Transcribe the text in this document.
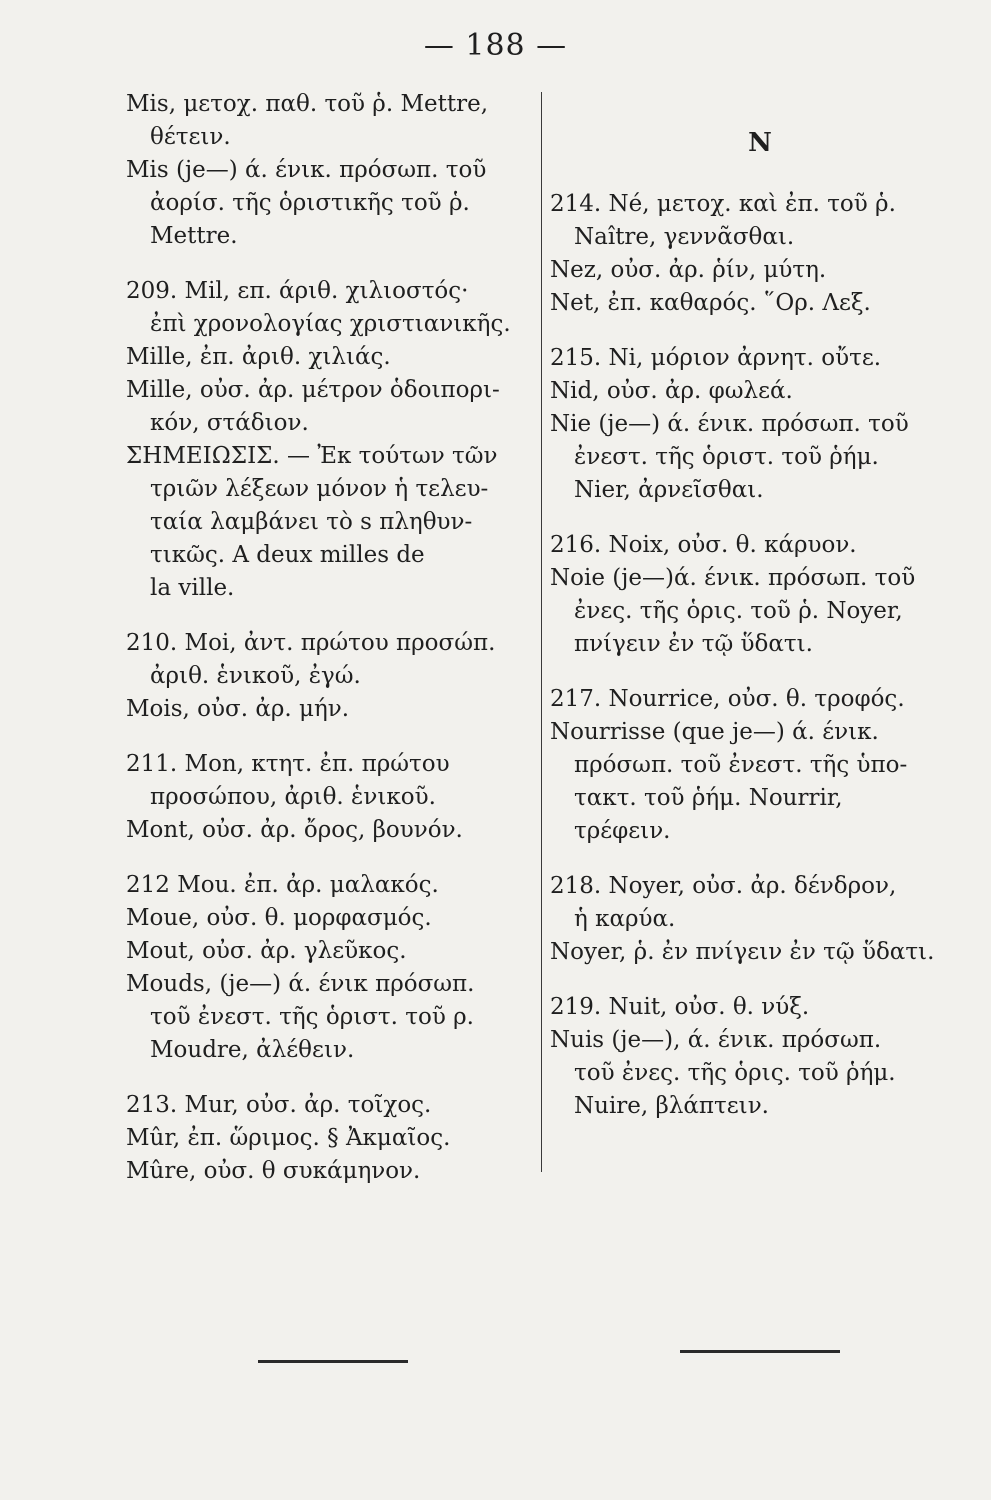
— 188 —
Mis, μετοχ. παθ. τοῦ ῥ. Mettre,
θέτειν.
Mis (je—) ά. ένικ. πρόσωπ. τοῦ
ἀορίσ. τῆς ὁριστικῆς τοῦ ῥ.
Mettre.
209. Mil, επ. άριθ. χιλιοστός·
ἐπὶ χρονολογίας χριστιανικῆς.
Mille, ἐπ. ἀριθ. χιλιάς.
Mille, οὐσ. ἀρ. μέτρον ὁδοιπορι-
κόν, στάδιον.
ΣΗΜΕΙΩΣΙΣ. — Ἐκ τούτων τῶν
τριῶν λέξεων μόνον ἡ τελευ-
ταία λαμβάνει τὸ s πληθυν-
τικῶς. A deux milles de
la ville.
210. Moi, ἀντ. πρώτου προσώπ.
ἀριθ. ἑνικοῦ, ἐγώ.
Mois, οὐσ. ἀρ. μήν.
211. Mon, κτητ. ἐπ. πρώτου
προσώπου, ἀριθ. ἑνικοῦ.
Mont, οὐσ. ἀρ. ὄρος, βουνόν.
212 Mou. ἐπ. ἀρ. μαλακός.
Moue, οὐσ. θ. μορφασμός.
Mout, οὐσ. ἀρ. γλεῦκος.
Mouds, (je—) ά. ένικ πρόσωπ.
τοῦ ἐνεστ. τῆς ὁριστ. τοῦ ρ.
Moudre, ἀλέθειν.
213. Mur, οὐσ. ἀρ. τοῖχος.
Mûr, ἐπ. ὥριμος. § Ἀκμαῖος.
Mûre, οὐσ. θ συκάμηνον.
N
214. Né, μετοχ. καὶ ἐπ. τοῦ ῥ.
Naître, γεννᾶσθαι.
Nez, οὐσ. ἀρ. ῥίν, μύτη.
Net, ἐπ. καθαρός. ῞Ορ. Λεξ.
215. Ni, μόριον ἀρνητ. οὔτε.
Nid, οὐσ. ἀρ. φωλεά.
Nie (je—) ά. ένικ. πρόσωπ. τοῦ
ἐνεστ. τῆς ὁριστ. τοῦ ῥήμ.
Nier, ἀρνεῖσθαι.
216. Noix, οὐσ. θ. κάρυον.
Noie (je—)ά. ένικ. πρόσωπ. τοῦ
ἐνες. τῆς ὁρις. τοῦ ῥ. Noyer,
πνίγειν ἐν τῷ ὕδατι.
217. Nourrice, οὐσ. θ. τροφός.
Nourrisse (que je—) ά. ένικ.
πρόσωπ. τοῦ ἐνεστ. τῆς ὑπο-
τακτ. τοῦ ῥήμ. Nourrir,
τρέφειν.
218. Noyer, οὐσ. ἀρ. δένδρον,
ἡ καρύα.
Noyer, ῥ. ἐν πνίγειν ἐν τῷ ὕδατι.
219. Nuit, οὐσ. θ. νύξ.
Nuis (je—), ά. ένικ. πρόσωπ.
τοῦ ἐνες. τῆς ὁρις. τοῦ ῥήμ.
Nuire, βλάπτειν.
